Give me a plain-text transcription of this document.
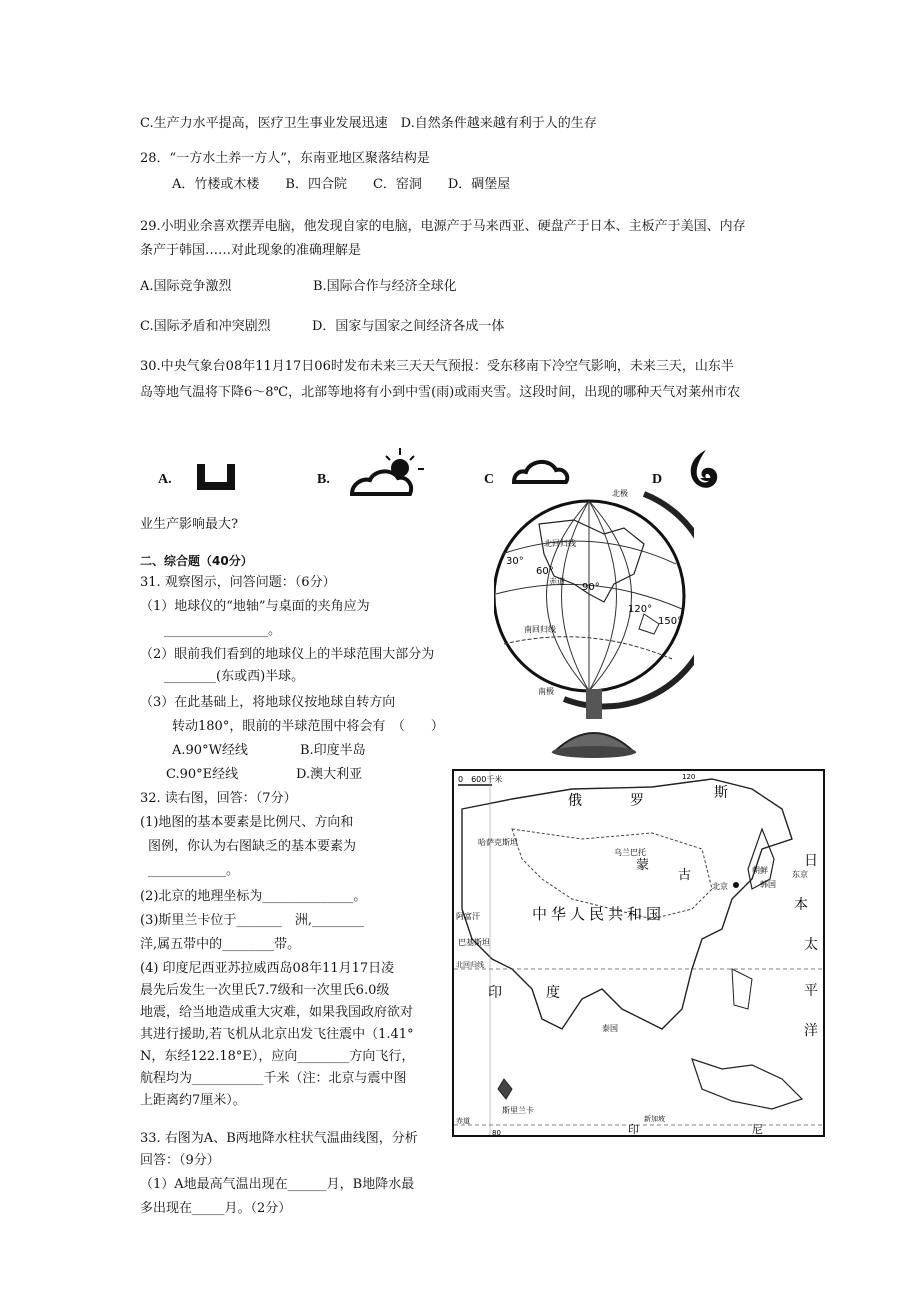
C.生产力水平提高，医疗卫生事业发展迅速　D.自然条件越来越有利于人的生存

28．“一方水土养一方人”，东南亚地区聚落结构是

A．竹楼或木楼　　B．四合院　　C．窑洞　　D．碉堡屋

29.小明业余喜欢摆弄电脑，他发现自家的电脑，电源产于马来西亚、硬盘产于日本、主板产于美国、内存

条产于韩国……对此现象的准确理解是

A.国际竞争激烈	B.国际合作与经济全球化

C.国际矛盾和冲突剧烈	D．国家与国家之间经济各成一体

30.中央气象台08年11月17日06时发布未来三天天气预报：受东移南下冷空气影响，未来三天，山东半

岛等地气温将下降6～8℃，北部等地将有小到中雪(雨)或雨夹雪。这段时间，出现的哪种天气对莱州市农

A.	B.	C	D

业生产影响最大?

二、综合题（40分）

31. 观察图示，问答问题：（6分）

（1）地球仪的“地轴”与桌面的夹角应为

________________。

（2）眼前我们看到的地球仪上的半球范围大部分为

________(东或西)半球。

（3）在此基础上，将地球仪按地球自转方向

转动180°，眼前的半球范围中将会有　（　　）

A.90°W经线	B.印度半岛

C.90°E经线	D.澳大利亚

32. 读右图，回答：（7分）

(1)地图的基本要素是比例尺、方向和

图例，你认为右图缺乏的基本要素为

____________。

(2)北京的地理坐标为______________。

(3)斯里兰卡位于_______　洲,________

洋,属五带中的________带。

(4) 印度尼西亚苏拉威西岛08年11月17日凌

晨先后发生一次里氏7.7级和一次里氏6.0级

地震，给当地造成重大灾难，如果我国政府欲对

其进行援助,若飞机从北京出发飞往震中（1.41°

N，东经122.18°E），应向________方向飞行，

航程均为___________千米（注：北京与震中图

上距离约7厘米）。

33. 右图为A、B两地降水柱状气温曲线图，分析

回答：（9分）

（1）A地最高气温出现在______月，B地降水最

多出现在_____月。（2分）

北极
南极
北回归线
赤道
南回归线
30°
60°
90°
120°
150°
0　600千米
俄	罗	斯
蒙
古
中华人民共和国
印	度
日
本
太
平
洋
朝鲜
韩国
哈萨克斯坦
巴基斯坦
阿富汗
泰国
印	尼
北京
乌兰巴托
斯里兰卡
东京
北回归线
赤道	新加坡
80
120
